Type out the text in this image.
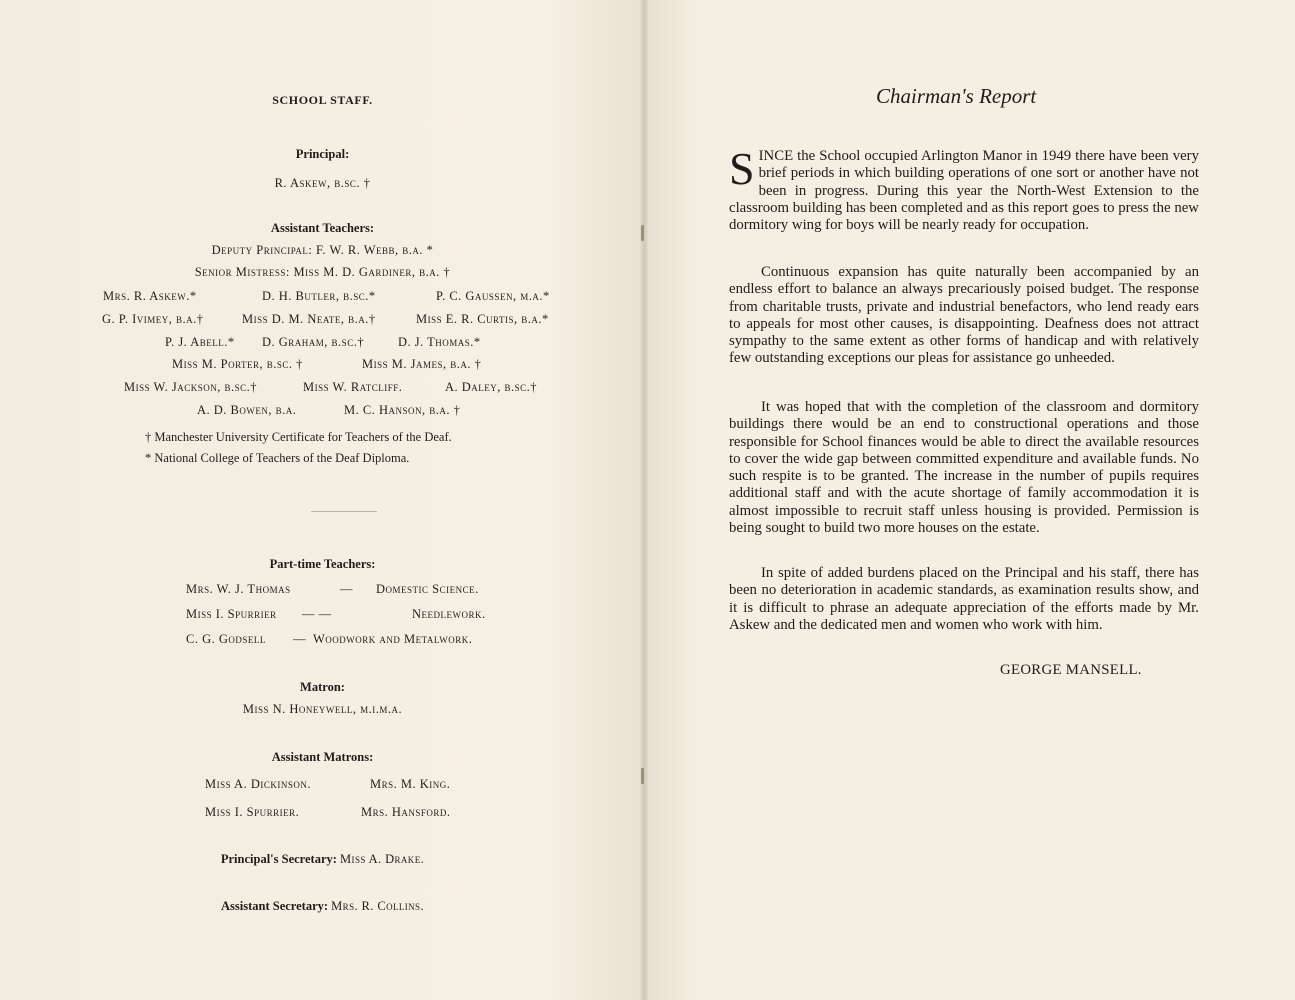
SCHOOL STAFF.
Principal:
R. Askew, b.sc. †
Assistant Teachers:
Deputy Principal: F. W. R. Webb, b.a. *
Senior Mistress: Miss M. D. Gardiner, b.a. †
Mrs. R. Askew.*	D. H. Butler, b.sc.*	P. C. Gaussen, m.a.*
G. P. Ivimey, b.a.†	Miss D. M. Neate, b.a.†	Miss E. R. Curtis, b.a.*
P. J. Abell.* D. Graham, b.sc.†	D. J. Thomas.*
Miss M. Porter, b.sc. †	Miss M. James, b.a. †
Miss W. Jackson, b.sc.†	Miss W. Ratcliff.	A. Daley, b.sc.†
A. D. Bowen, b.a.	M. C. Hanson, b.a. †
† Manchester University Certificate for Teachers of the Deaf.
* National College of Teachers of the Deaf Diploma.
Part-time Teachers:
Mrs. W. J. Thomas	— Domestic Science.
Miss I. Spurrier — —	Needlework.
C. G. Godsell — Woodwork and Metalwork.
Matron:
Miss N. Honeywell, m.i.m.a.
Assistant Matrons:
Miss A. Dickinson.	Mrs. M. King.
Miss I. Spurrier.	Mrs. Hansford.
Principal's Secretary: Miss A. Drake.
Assistant Secretary: Mrs. R. Collins.
Chairman's Report

SINCE the School occupied Arlington Manor in 1949 there have been very brief periods in which building operations of one sort or another have not been in progress. During this year the North-West Extension to the classroom building has been completed and as this report goes to press the new dormitory wing for boys will be nearly ready for occupation.

Continuous expansion has quite naturally been accompanied by an endless effort to balance an always precariously poised budget. The response from charitable trusts, private and industrial benefactors, who lend ready ears to appeals for most other causes, is disappointing. Deafness does not attract sympathy to the same extent as other forms of handicap and with relatively few outstanding exceptions our pleas for assistance go unheeded.

It was hoped that with the completion of the classroom and dormitory buildings there would be an end to constructional operations and those responsible for School finances would be able to direct the available resources to cover the wide gap between committed expenditure and available funds. No such respite is to be granted. The increase in the number of pupils requires additional staff and with the acute shortage of family accommodation it is almost impossible to recruit staff unless housing is provided. Permission is being sought to build two more houses on the estate.

In spite of added burdens placed on the Principal and his staff, there has been no deterioration in academic standards, as examination results show, and it is difficult to phrase an adequate appreciation of the efforts made by Mr. Askew and the dedicated men and women who work with him.

GEORGE MANSELL.
